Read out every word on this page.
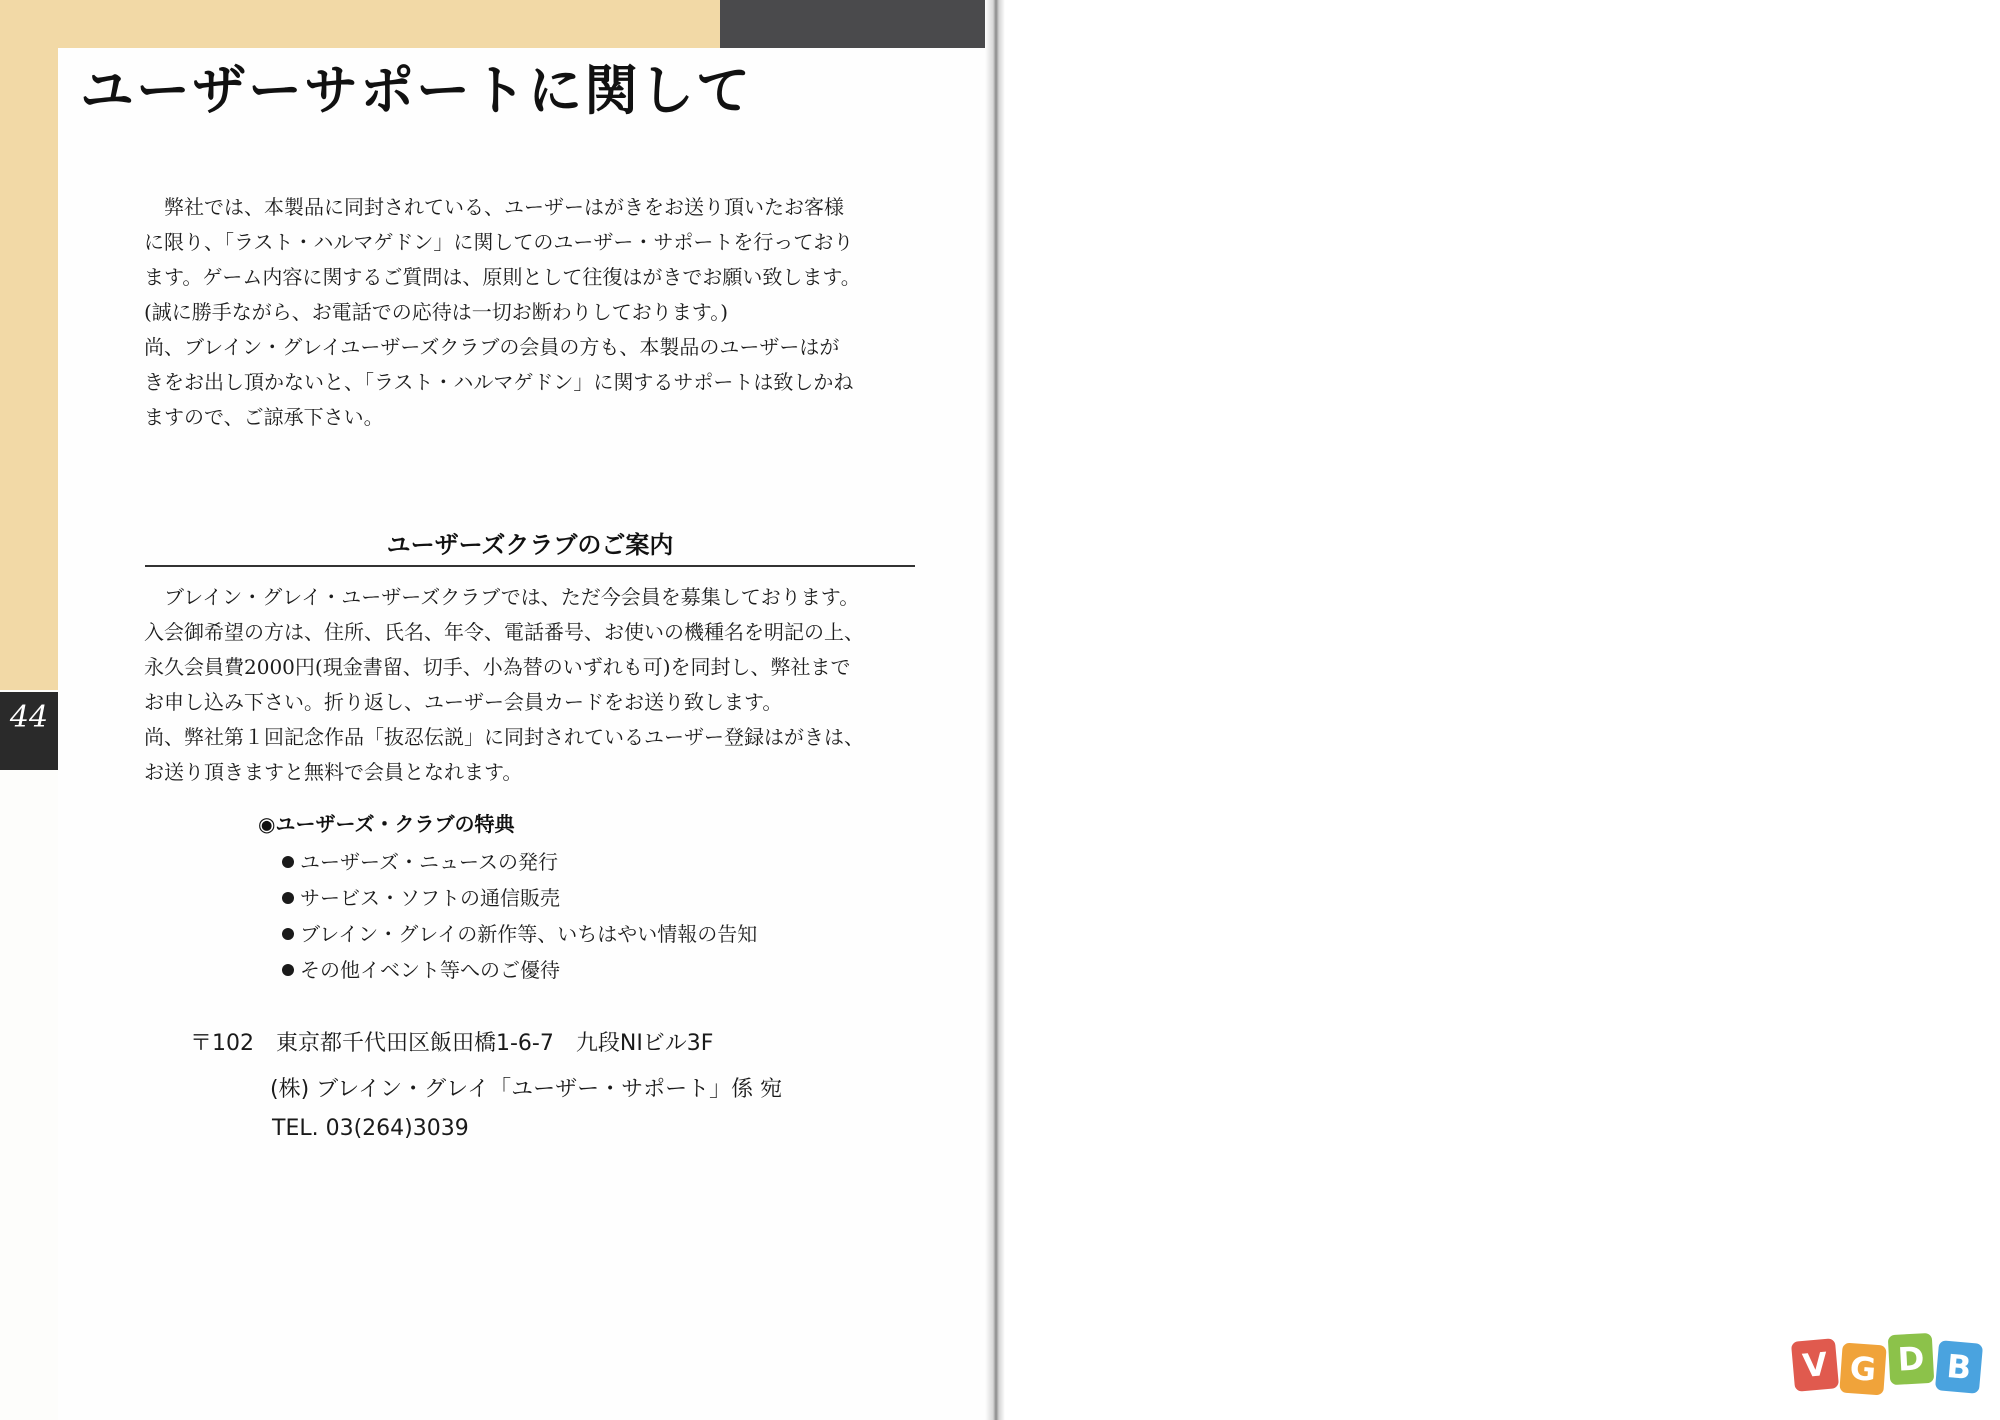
44
ユーザーサポートに関して
　弊社では、本製品に同封されている、ユーザーはがきをお送り頂いたお客様
に限り、「ラスト・ハルマゲドン」に関してのユーザー・サポートを行っており
ます。ゲーム内容に関するご質問は、原則として往復はがきでお願い致します。
(誠に勝手ながら、お電話での応待は一切お断わりしております。)
尚、ブレイン・グレイユーザーズクラブの会員の方も、本製品のユーザーはが
きをお出し頂かないと、「ラスト・ハルマゲドン」に関するサポートは致しかね
ますので、ご諒承下さい。
ユーザーズクラブのご案内
　ブレイン・グレイ・ユーザーズクラブでは、ただ今会員を募集しております。
入会御希望の方は、住所、氏名、年令、電話番号、お使いの機種名を明記の上、
永久会員費2000円(現金書留、切手、小為替のいずれも可)を同封し、弊社まで
お申し込み下さい。折り返し、ユーザー会員カードをお送り致します。
尚、弊社第１回記念作品「抜忍伝説」に同封されているユーザー登録はがきは、
お送り頂きますと無料で会員となれます。
◉ユーザーズ・クラブの特典
ユーザーズ・ニュースの発行
サービス・ソフトの通信販売
ブレイン・グレイの新作等、いちはやい情報の告知
その他イベント等へのご優待
〒102　東京都千代田区飯田橋1-6-7　九段NIビル3F
(株) ブレイン・グレイ「ユーザー・サポート」係 宛
TEL. 03(264)3039
V G D B
